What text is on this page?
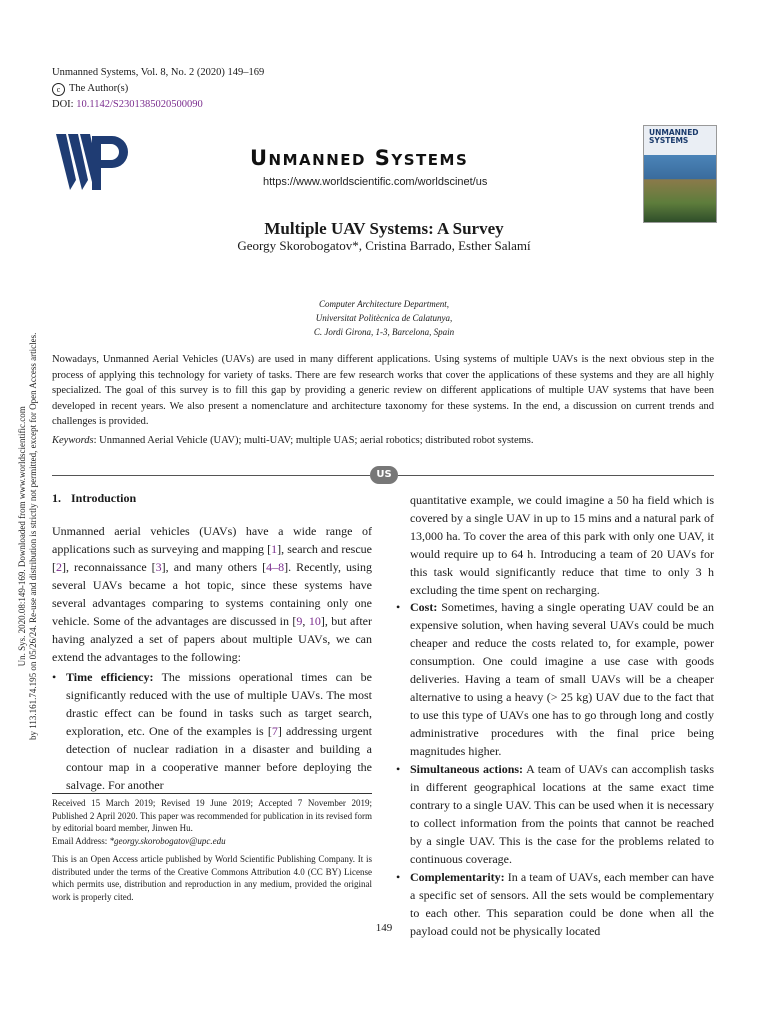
Unmanned Systems, Vol. 8, No. 2 (2020) 149–169
c The Author(s)
DOI: 10.1142/S2301385020500090
Unmanned Systems
https://www.worldscientific.com/worldscinet/us
UNMANNED
SYSTEMS
Multiple UAV Systems: A Survey
Georgy Skorobogatov*, Cristina Barrado, Esther Salamí
Computer Architecture Department,
Universitat Politècnica de Calatunya,
C. Jordi Girona, 1-3, Barcelona, Spain
Nowadays, Unmanned Aerial Vehicles (UAVs) are used in many different applications. Using systems of multiple UAVs is the next obvious step in the process of applying this technology for variety of tasks. There are few research works that cover the applications of these systems and they are all highly specialized. The goal of this survey is to fill this gap by providing a generic review on different applications of multiple UAV systems that have been developed in recent years. We also present a nomenclature and architecture taxonomy for these systems. In the end, a discussion on current trends and challenges is provided.
Keywords: Unmanned Aerial Vehicle (UAV); multi-UAV; multiple UAS; aerial robotics; distributed robot systems.
US
1. Introduction
Unmanned aerial vehicles (UAVs) have a wide range of applications such as surveying and mapping [1], search and rescue [2], reconnaissance [3], and many others [4–8]. Recently, using several UAVs became a hot topic, since these systems have several advantages comparing to systems containing only one vehicle. Some of the advantages are discussed in [9, 10], but after having analyzed a set of papers about multiple UAVs, we can extend the advantages to the following:
• Time efficiency: The missions operational times can be significantly reduced with the use of multiple UAVs. The most drastic effect can be found in tasks such as target search, exploration, etc. One of the examples is [7] addressing urgent detection of nuclear radiation in a disaster and building a contour map in a cooperative manner before deploying the salvage. For another
Received 15 March 2019; Revised 19 June 2019; Accepted 7 November 2019; Published 2 April 2020. This paper was recommended for publication in its revised form by editorial board member, Jinwen Hu.
Email Address: *georgy.skorobogatov@upc.edu
This is an Open Access article published by World Scientific Publishing Company. It is distributed under the terms of the Creative Commons Attribution 4.0 (CC BY) License which permits use, distribution and reproduction in any medium, provided the original work is properly cited.
quantitative example, we could imagine a 50 ha field which is covered by a single UAV in up to 15 mins and a natural park of 13,000 ha. To cover the area of this park with only one UAV, it would require up to 64 h. Introducing a team of 20 UAVs for this task would significantly reduce that time to only 3 h excluding the time spent on recharging.
• Cost: Sometimes, having a single operating UAV could be an expensive solution, when having several UAVs could be much cheaper and reduce the costs related to, for example, power consumption. One could imagine a use case with goods deliveries. Having a team of small UAVs will be a cheaper alternative to using a heavy (> 25 kg) UAV due to the fact that to use this type of UAVs one has to go through long and costly administrative procedures with the final price being magnitudes higher.
• Simultaneous actions: A team of UAVs can accomplish tasks in different geographical locations at the same exact time contrary to a single UAV. This can be used when it is necessary to collect information from the points that cannot be reached by a single UAV. This is the case for the problems related to continuous coverage.
• Complementarity: In a team of UAVs, each member can have a specific set of sensors. All the sets would be complementary to each other. This separation could be done when all the payload could not be physically located
149
Un. Sys. 2020.08:149-169. Downloaded from www.worldscientific.com by 113.161.74.195 on 05/26/24. Re-use and distribution is strictly not permitted, except for Open Access articles.
